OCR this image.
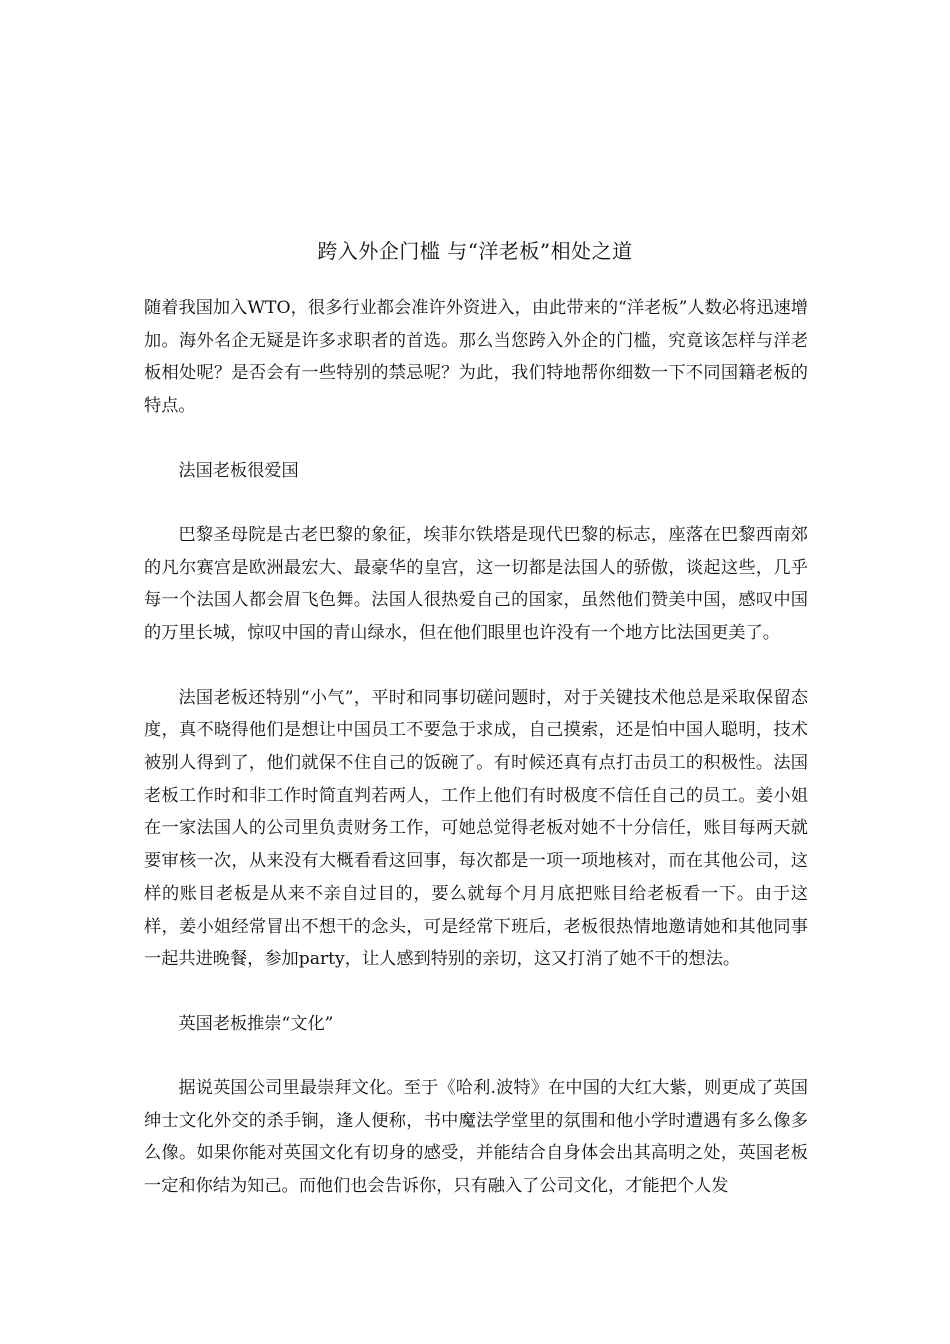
跨入外企门槛 与“洋老板”相处之道

随着我国加入WTO，很多行业都会准许外资进入，由此带来的“洋老板”人数必将迅速增加。海外名企无疑是许多求职者的首选。那么当您跨入外企的门槛，究竟该怎样与洋老板相处呢？是否会有一些特别的禁忌呢？为此，我们特地帮你细数一下不同国籍老板的特点。

法国老板很爱国

巴黎圣母院是古老巴黎的象征，埃菲尔铁塔是现代巴黎的标志，座落在巴黎西南郊的凡尔赛宫是欧洲最宏大、最豪华的皇宫，这一切都是法国人的骄傲，谈起这些，几乎每一个法国人都会眉飞色舞。法国人很热爱自己的国家，虽然他们赞美中国，感叹中国的万里长城，惊叹中国的青山绿水，但在他们眼里也许没有一个地方比法国更美了。

法国老板还特别“小气”，平时和同事切磋问题时，对于关键技术他总是采取保留态度，真不晓得他们是想让中国员工不要急于求成，自己摸索，还是怕中国人聪明，技术被别人得到了，他们就保不住自己的饭碗了。有时候还真有点打击员工的积极性。法国老板工作时和非工作时简直判若两人，工作上他们有时极度不信任自己的员工。姜小姐在一家法国人的公司里负责财务工作，可她总觉得老板对她不十分信任，账目每两天就要审核一次，从来没有大概看看这回事，每次都是一项一项地核对，而在其他公司，这样的账目老板是从来不亲自过目的，要么就每个月月底把账目给老板看一下。由于这样，姜小姐经常冒出不想干的念头，可是经常下班后，老板很热情地邀请她和其他同事一起共进晚餐，参加party，让人感到特别的亲切，这又打消了她不干的想法。

英国老板推崇“文化”

据说英国公司里最崇拜文化。至于《哈利.波特》在中国的大红大紫，则更成了英国绅士文化外交的杀手锏，逢人便称，书中魔法学堂里的氛围和他小学时遭遇有多么像多么像。如果你能对英国文化有切身的感受，并能结合自身体会出其高明之处，英国老板一定和你结为知己。而他们也会告诉你，只有融入了公司文化，才能把个人发
